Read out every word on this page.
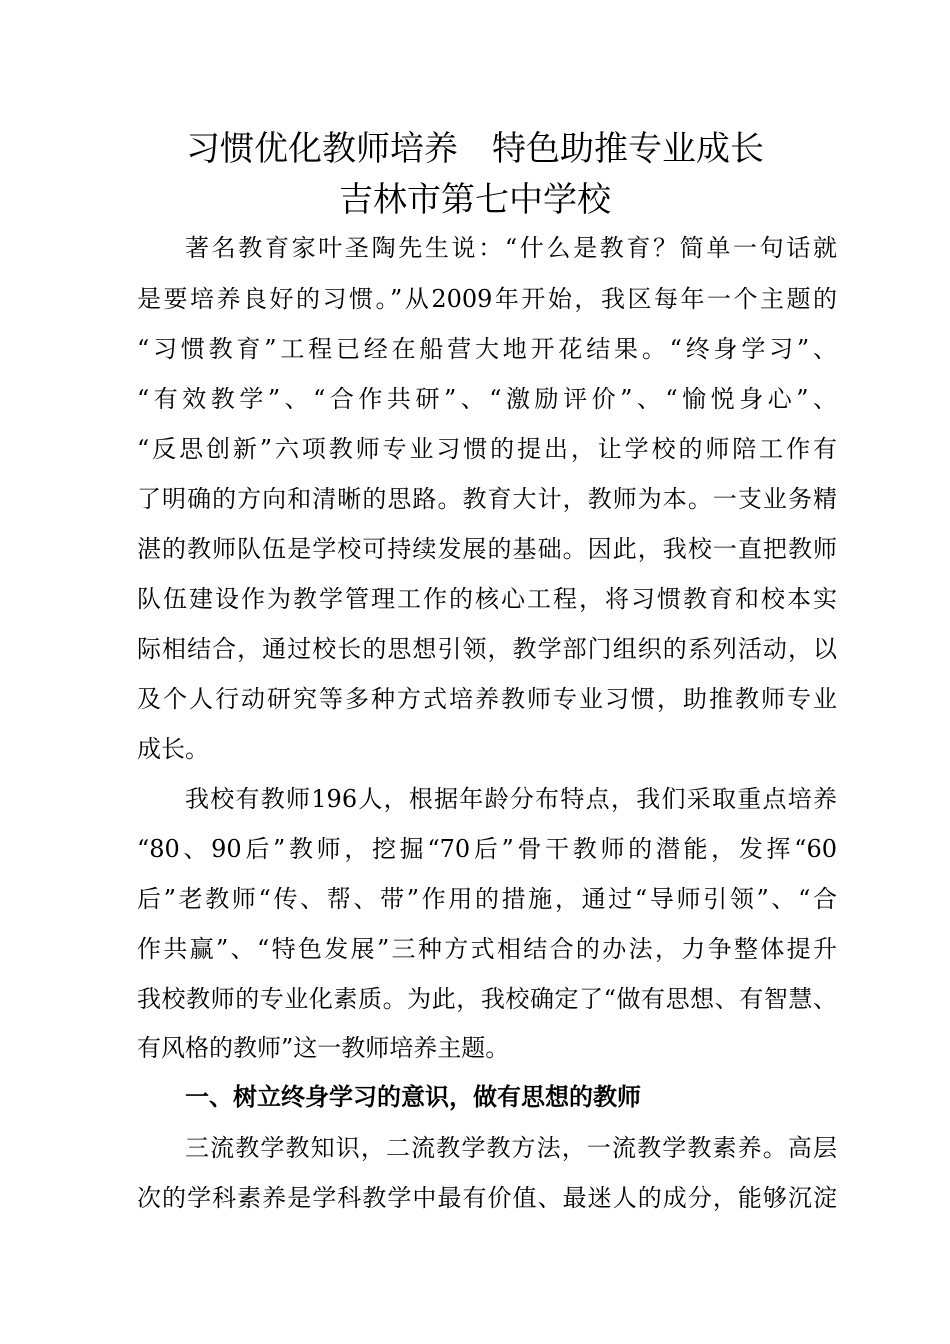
习惯优化教师培养　特色助推专业成长
吉林市第七中学校
著名教育家叶圣陶先生说：“什么是教育？简单一句话就
是要培养良好的习惯。”从2009年开始，我区每年一个主题的
“习惯教育”工程已经在船营大地开花结果。“终身学习”、
“有效教学”、“合作共研”、“激励评价”、“愉悦身心”、
“反思创新”六项教师专业习惯的提出，让学校的师陪工作有
了明确的方向和清晰的思路。教育大计，教师为本。一支业务精
湛的教师队伍是学校可持续发展的基础。因此，我校一直把教师
队伍建设作为教学管理工作的核心工程，将习惯教育和校本实
际相结合，通过校长的思想引领，教学部门组织的系列活动，以
及个人行动研究等多种方式培养教师专业习惯，助推教师专业
成长。
我校有教师196人，根据年龄分布特点，我们采取重点培养
“80、90后”教师，挖掘“70后”骨干教师的潜能，发挥“60
后”老教师“传、帮、带”作用的措施，通过“导师引领”、“合
作共赢”、“特色发展”三种方式相结合的办法，力争整体提升
我校教师的专业化素质。为此，我校确定了“做有思想、有智慧、
有风格的教师”这一教师培养主题。
一、树立终身学习的意识，做有思想的教师
三流教学教知识，二流教学教方法，一流教学教素养。高层
次的学科素养是学科教学中最有价值、最迷人的成分，能够沉淀
